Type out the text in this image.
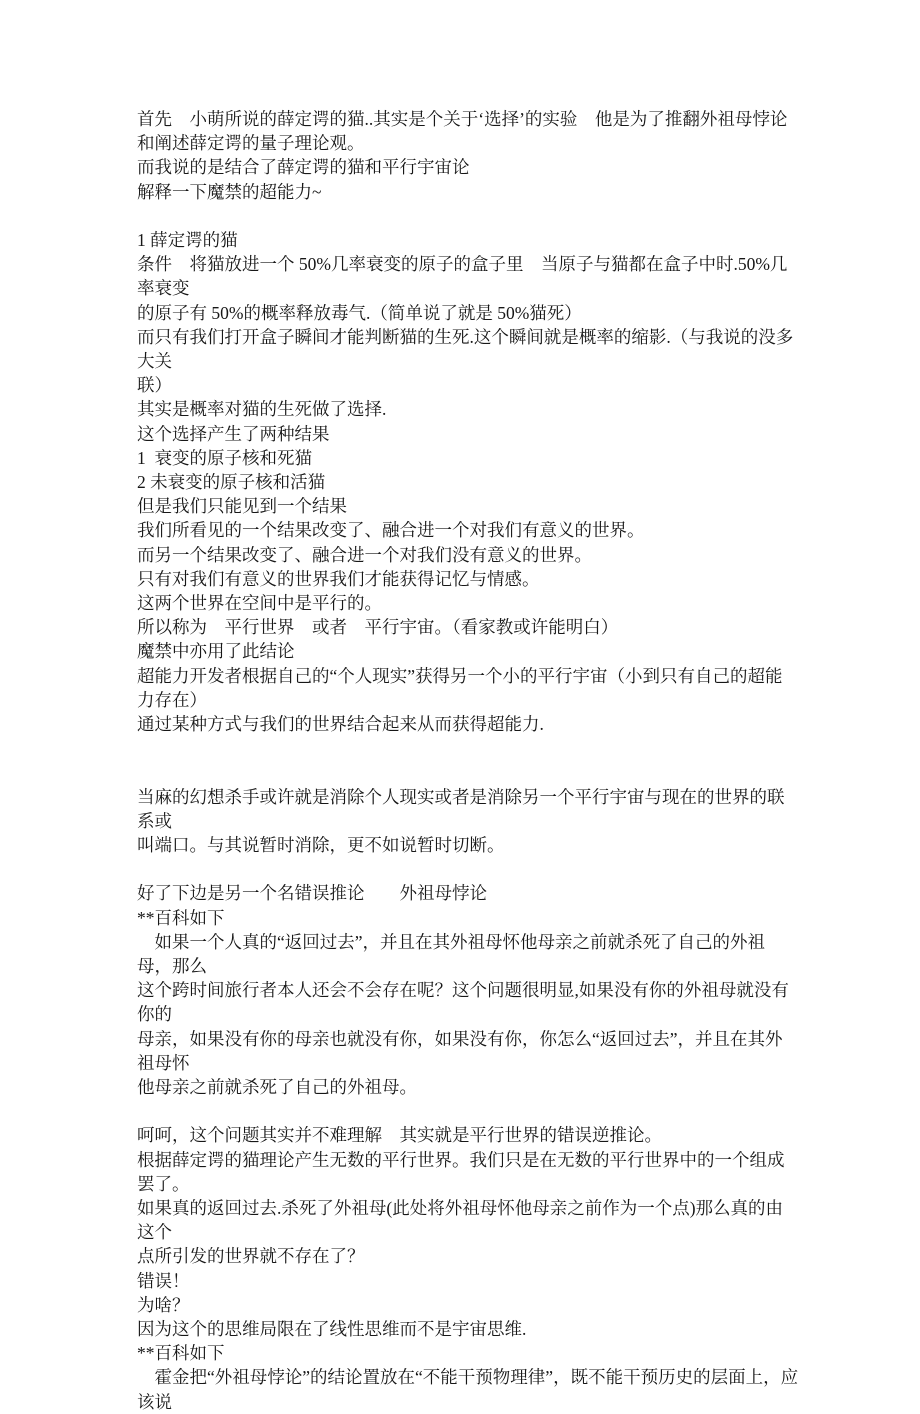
首先　小萌所说的薛定谔的猫..其实是个关于‘选择’的实验　他是为了推翻外祖母悖论
和阐述薛定谔的量子理论观。
而我说的是结合了薛定谔的猫和平行宇宙论
解释一下魔禁的超能力~
1 薛定谔的猫
条件　将猫放进一个 50%几率衰变的原子的盒子里　当原子与猫都在盒子中时.50%几率衰变
的原子有 50%的概率释放毒气.（简单说了就是 50%猫死）
而只有我们打开盒子瞬间才能判断猫的生死.这个瞬间就是概率的缩影.（与我说的没多大关
联）
其实是概率对猫的生死做了选择.
这个选择产生了两种结果
1  衰变的原子核和死猫
2 未衰变的原子核和活猫
但是我们只能见到一个结果
我们所看见的一个结果改变了、融合进一个对我们有意义的世界。
而另一个结果改变了、融合进一个对我们没有意义的世界。
只有对我们有意义的世界我们才能获得记忆与情感。
这两个世界在空间中是平行的。
所以称为　平行世界　或者　平行宇宙。（看家教或许能明白）
魔禁中亦用了此结论
超能力开发者根据自己的“个人现实”获得另一个小的平行宇宙（小到只有自己的超能力存在）
通过某种方式与我们的世界结合起来从而获得超能力.
当麻的幻想杀手或许就是消除个人现实或者是消除另一个平行宇宙与现在的世界的联系或
叫端口。与其说暂时消除，更不如说暂时切断。
好了下边是另一个名错误推论　　外祖母悖论
**百科如下
　如果一个人真的“返回过去”，并且在其外祖母怀他母亲之前就杀死了自己的外祖母，那么
这个跨时间旅行者本人还会不会存在呢？这个问题很明显,如果没有你的外祖母就没有你的
母亲，如果没有你的母亲也就没有你，如果没有你，你怎么“返回过去”，并且在其外祖母怀
他母亲之前就杀死了自己的外祖母。
呵呵，这个问题其实并不难理解　其实就是平行世界的错误逆推论。
根据薛定谔的猫理论产生无数的平行世界。我们只是在无数的平行世界中的一个组成罢了。
如果真的返回过去.杀死了外祖母(此处将外祖母怀他母亲之前作为一个点)那么真的由这个
点所引发的世界就不存在了？
错误！
为啥？
因为这个的思维局限在了线性思维而不是宇宙思维.
**百科如下
　霍金把“外祖母悖论”的结论置放在“不能干预物理律”，既不能干预历史的层面上，应该说
